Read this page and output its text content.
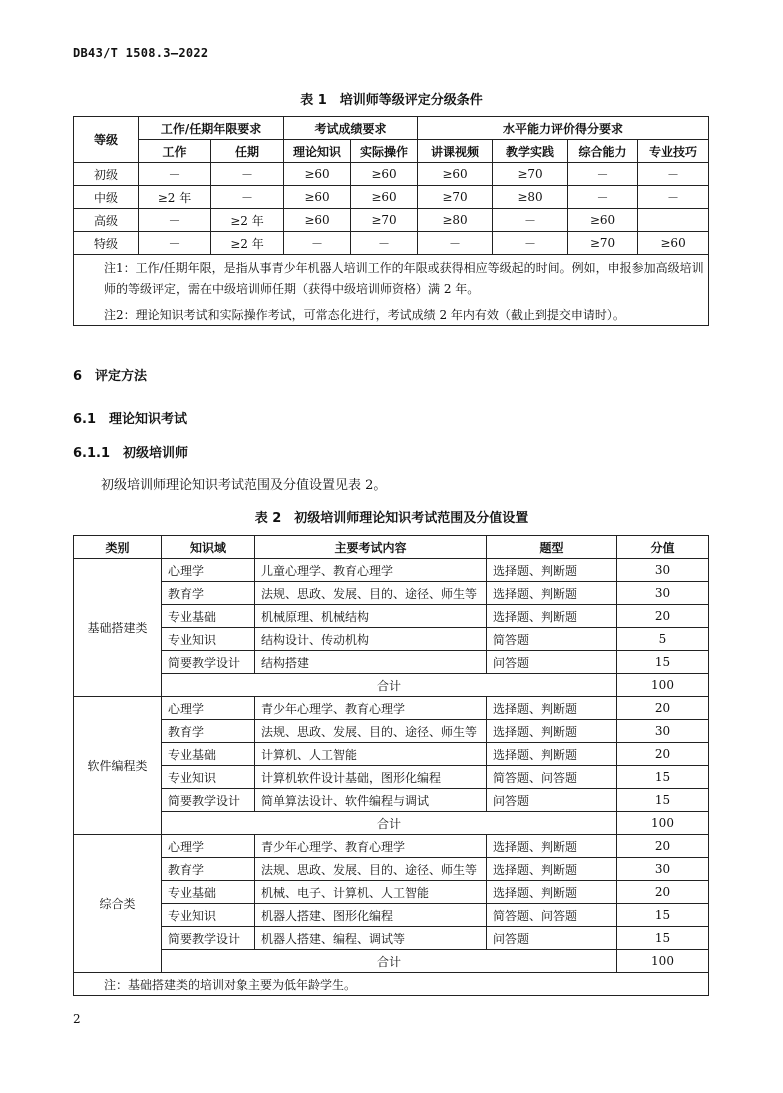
DB43/T 1508.3—2022
表 1　培训师等级评定分级条件
等级	工作/任期年限要求		考试成绩要求		水平能力评价得分要求			
	工作	任期	理论知识	实际操作	讲课视频	教学实践	综合能力	专业技巧
初级	－	－	≥60	≥60	≥60	≥70	－	－
中级	≥2 年	－	≥60	≥60	≥70	≥80	－	－
高级	－	≥2 年	≥60	≥70	≥80	－	≥60	
特级	－	≥2 年	－	－	－	－	≥70	≥60
注1：工作/任期年限，是指从事青少年机器人培训工作的年限或获得相应等级起的时间。例如，申报参加高级培训师的等级评定，需在中级培训师任期（获得中级培训师资格）满 2 年。								
注2：理论知识考试和实际操作考试，可常态化进行，考试成绩 2 年内有效（截止到提交申请时）。								
6　评定方法
6.1　理论知识考试
6.1.1　初级培训师
初级培训师理论知识考试范围及分值设置见表 2。
表 2　初级培训师理论知识考试范围及分值设置
类别	知识域	主要考试内容	题型	分值
基础搭建类	心理学	儿童心理学、教育心理学	选择题、判断题	30
	教育学	法规、思政、发展、目的、途径、师生等	选择题、判断题	30
	专业基础	机械原理、机械结构	选择题、判断题	20
	专业知识	结构设计、传动机构	简答题	5
	简要教学设计	结构搭建	问答题	15
	合计			100
软件编程类	心理学	青少年心理学、教育心理学	选择题、判断题	20
	教育学	法规、思政、发展、目的、途径、师生等	选择题、判断题	30
	专业基础	计算机、人工智能	选择题、判断题	20
	专业知识	计算机软件设计基础，图形化编程	简答题、问答题	15
	简要教学设计	简单算法设计、软件编程与调试	问答题	15
	合计			100
综合类	心理学	青少年心理学、教育心理学	选择题、判断题	20
	教育学	法规、思政、发展、目的、途径、师生等	选择题、判断题	30
	专业基础	机械、电子、计算机、人工智能	选择题、判断题	20
	专业知识	机器人搭建、图形化编程	简答题、问答题	15
	简要教学设计	机器人搭建、编程、调试等	问答题	15
	合计			100
注：基础搭建类的培训对象主要为低年龄学生。				
2
